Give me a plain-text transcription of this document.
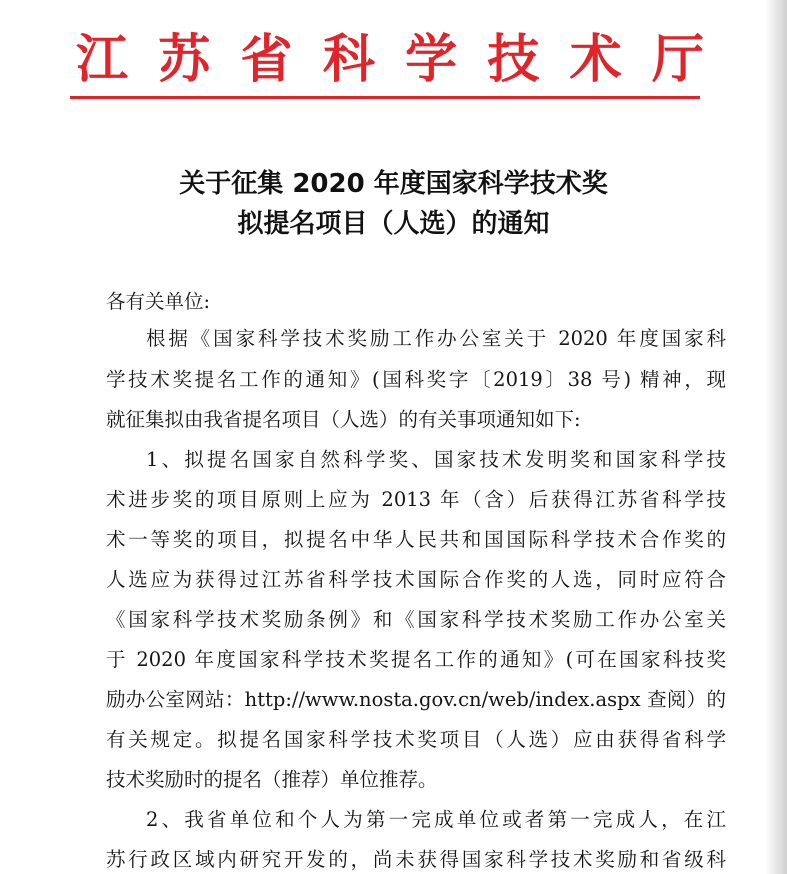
江 苏 省 科 学 技 术 厅
关于征集 2020 年度国家科学技术奖
拟提名项目（人选）的通知
各有关单位:
根据《国家科学技术奖励工作办公室关于 2020 年度国家科
学技术奖提名工作的通知》(国科奖字〔2019〕38 号) 精神，现
就征集拟由我省提名项目（人选）的有关事项通知如下:
1、拟提名国家自然科学奖、国家技术发明奖和国家科学技
术进步奖的项目原则上应为 2013 年（含）后获得江苏省科学技
术一等奖的项目，拟提名中华人民共和国国际科学技术合作奖的
人选应为获得过江苏省科学技术国际合作奖的人选，同时应符合
《国家科学技术奖励条例》和《国家科学技术奖励工作办公室关
于 2020 年度国家科学技术奖提名工作的通知》(可在国家科技奖
励办公室网站：http://www.nosta.gov.cn/web/index.aspx 查阅）的
有关规定。拟提名国家科学技术奖项目（人选）应由获得省科学
技术奖励时的提名（推荐）单位推荐。
2、我省单位和个人为第一完成单位或者第一完成人，在江
苏行政区域内研究开发的，尚未获得国家科学技术奖励和省级科
